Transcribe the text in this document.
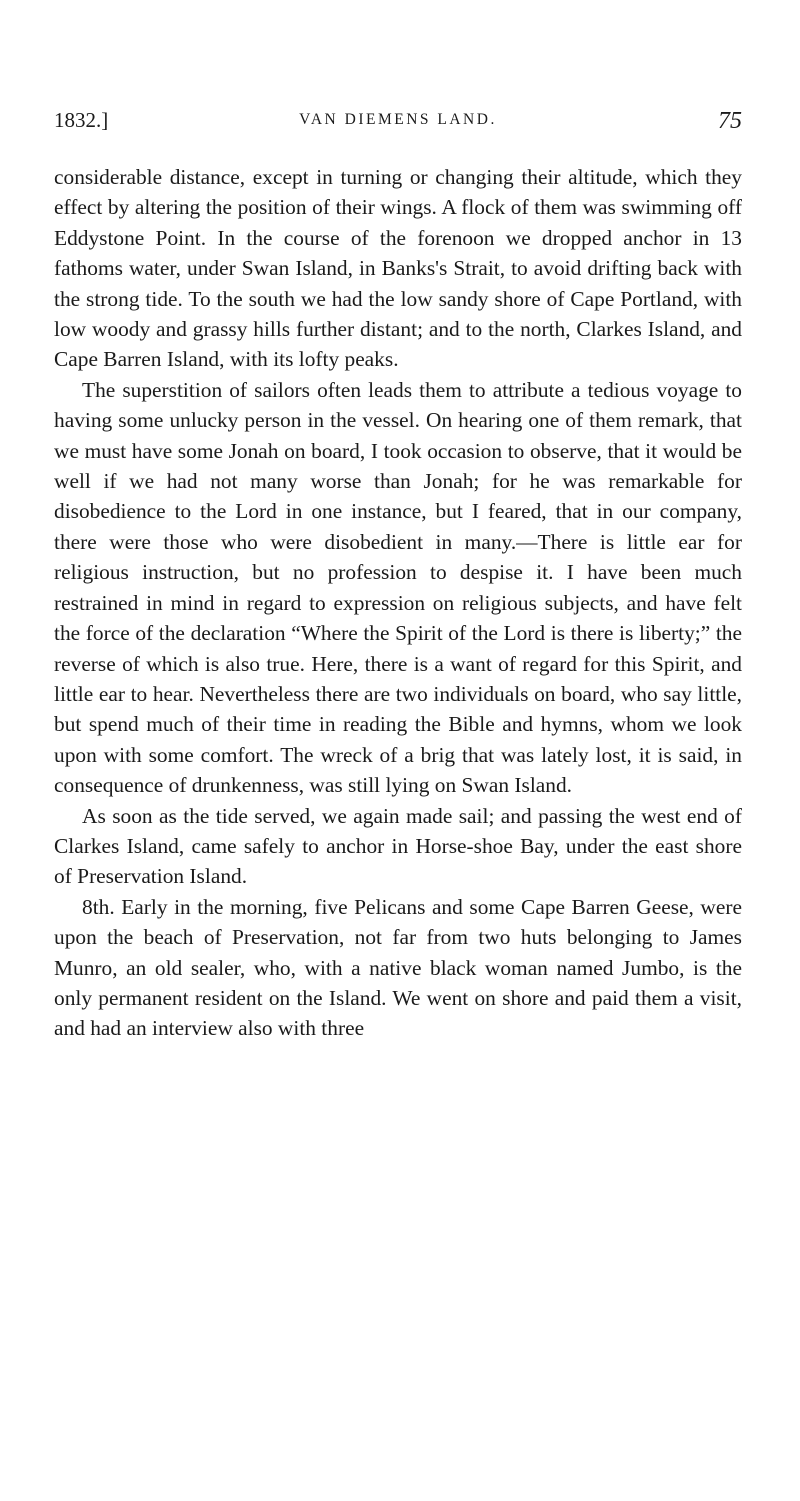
1832.]	VAN DIEMENS LAND.	75

considerable distance, except in turning or changing their altitude, which they effect by altering the position of their wings. A flock of them was swimming off Eddystone Point. In the course of the forenoon we dropped anchor in 13 fathoms water, under Swan Island, in Banks's Strait, to avoid drifting back with the strong tide. To the south we had the low sandy shore of Cape Portland, with low woody and grassy hills further distant; and to the north, Clarkes Island, and Cape Barren Island, with its lofty peaks.

The superstition of sailors often leads them to attribute a tedious voyage to having some unlucky person in the vessel. On hearing one of them remark, that we must have some Jonah on board, I took occasion to observe, that it would be well if we had not many worse than Jonah; for he was remarkable for disobedience to the Lord in one instance, but I feared, that in our company, there were those who were disobedient in many.—There is little ear for religious instruction, but no profession to despise it. I have been much restrained in mind in regard to expression on religious subjects, and have felt the force of the declaration “Where the Spirit of the Lord is there is liberty;” the reverse of which is also true. Here, there is a want of regard for this Spirit, and little ear to hear. Nevertheless there are two individuals on board, who say little, but spend much of their time in reading the Bible and hymns, whom we look upon with some comfort. The wreck of a brig that was lately lost, it is said, in consequence of drunkenness, was still lying on Swan Island.

As soon as the tide served, we again made sail; and passing the west end of Clarkes Island, came safely to anchor in Horse-shoe Bay, under the east shore of Preservation Island.

8th. Early in the morning, five Pelicans and some Cape Barren Geese, were upon the beach of Preservation, not far from two huts belonging to James Munro, an old sealer, who, with a native black woman named Jumbo, is the only permanent resident on the Island. We went on shore and paid them a visit, and had an interview also with three
